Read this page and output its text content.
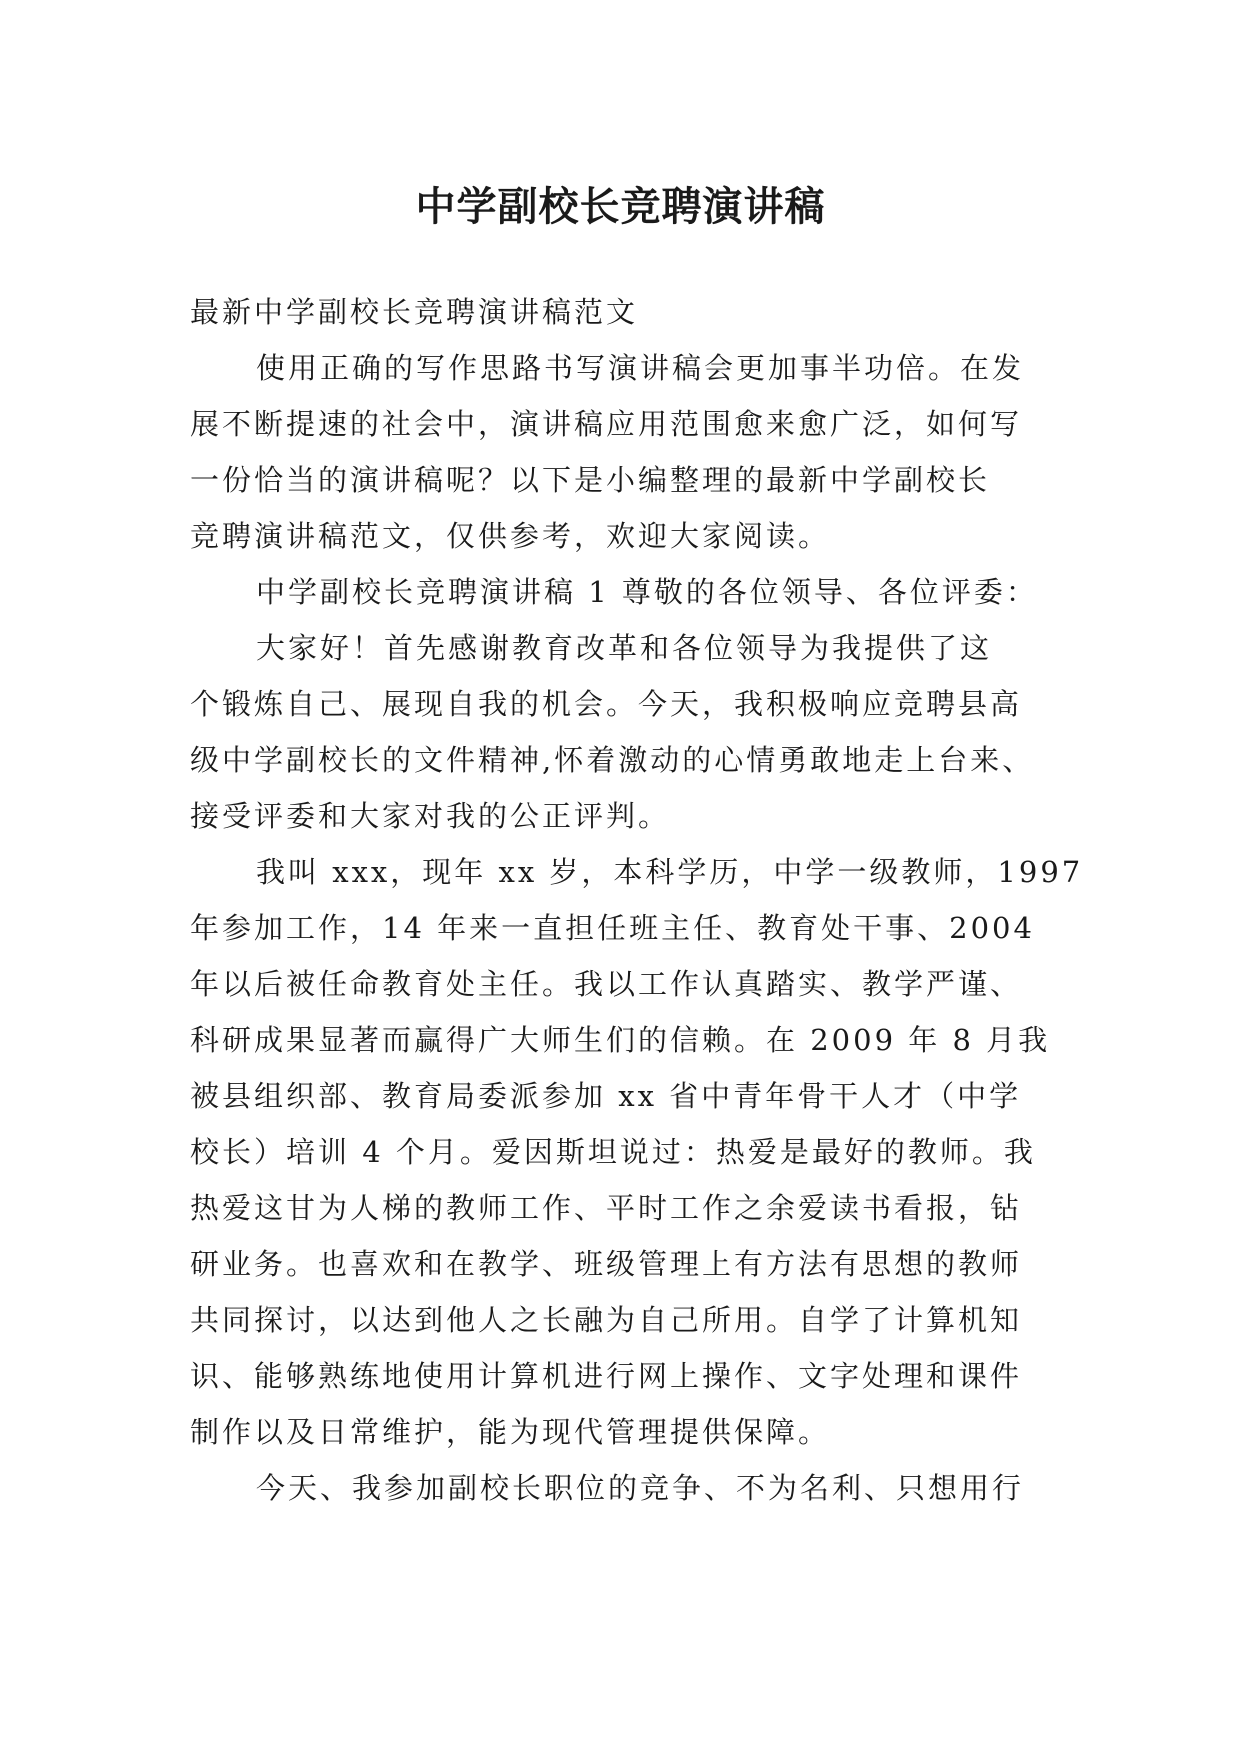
中学副校长竞聘演讲稿

最新中学副校长竞聘演讲稿范文

使用正确的写作思路书写演讲稿会更加事半功倍。在发
展不断提速的社会中，演讲稿应用范围愈来愈广泛，如何写
一份恰当的演讲稿呢？以下是小编整理的最新中学副校长
竞聘演讲稿范文，仅供参考，欢迎大家阅读。

中学副校长竞聘演讲稿 1 尊敬的各位领导、各位评委：

大家好！首先感谢教育改革和各位领导为我提供了这
个锻炼自己、展现自我的机会。今天，我积极响应竞聘县高
级中学副校长的文件精神,怀着激动的心情勇敢地走上台来、
接受评委和大家对我的公正评判。

我叫 xxx，现年 xx 岁，本科学历，中学一级教师，1997
年参加工作，14 年来一直担任班主任、教育处干事、2004
年以后被任命教育处主任。我以工作认真踏实、教学严谨、
科研成果显著而赢得广大师生们的信赖。在 2009 年 8 月我
被县组织部、教育局委派参加 xx 省中青年骨干人才（中学
校长）培训 4 个月。爱因斯坦说过：热爱是最好的教师。我
热爱这甘为人梯的教师工作、平时工作之余爱读书看报，钻
研业务。也喜欢和在教学、班级管理上有方法有思想的教师
共同探讨，以达到他人之长融为自己所用。自学了计算机知
识、能够熟练地使用计算机进行网上操作、文字处理和课件
制作以及日常维护，能为现代管理提供保障。

今天、我参加副校长职位的竞争、不为名利、只想用行
